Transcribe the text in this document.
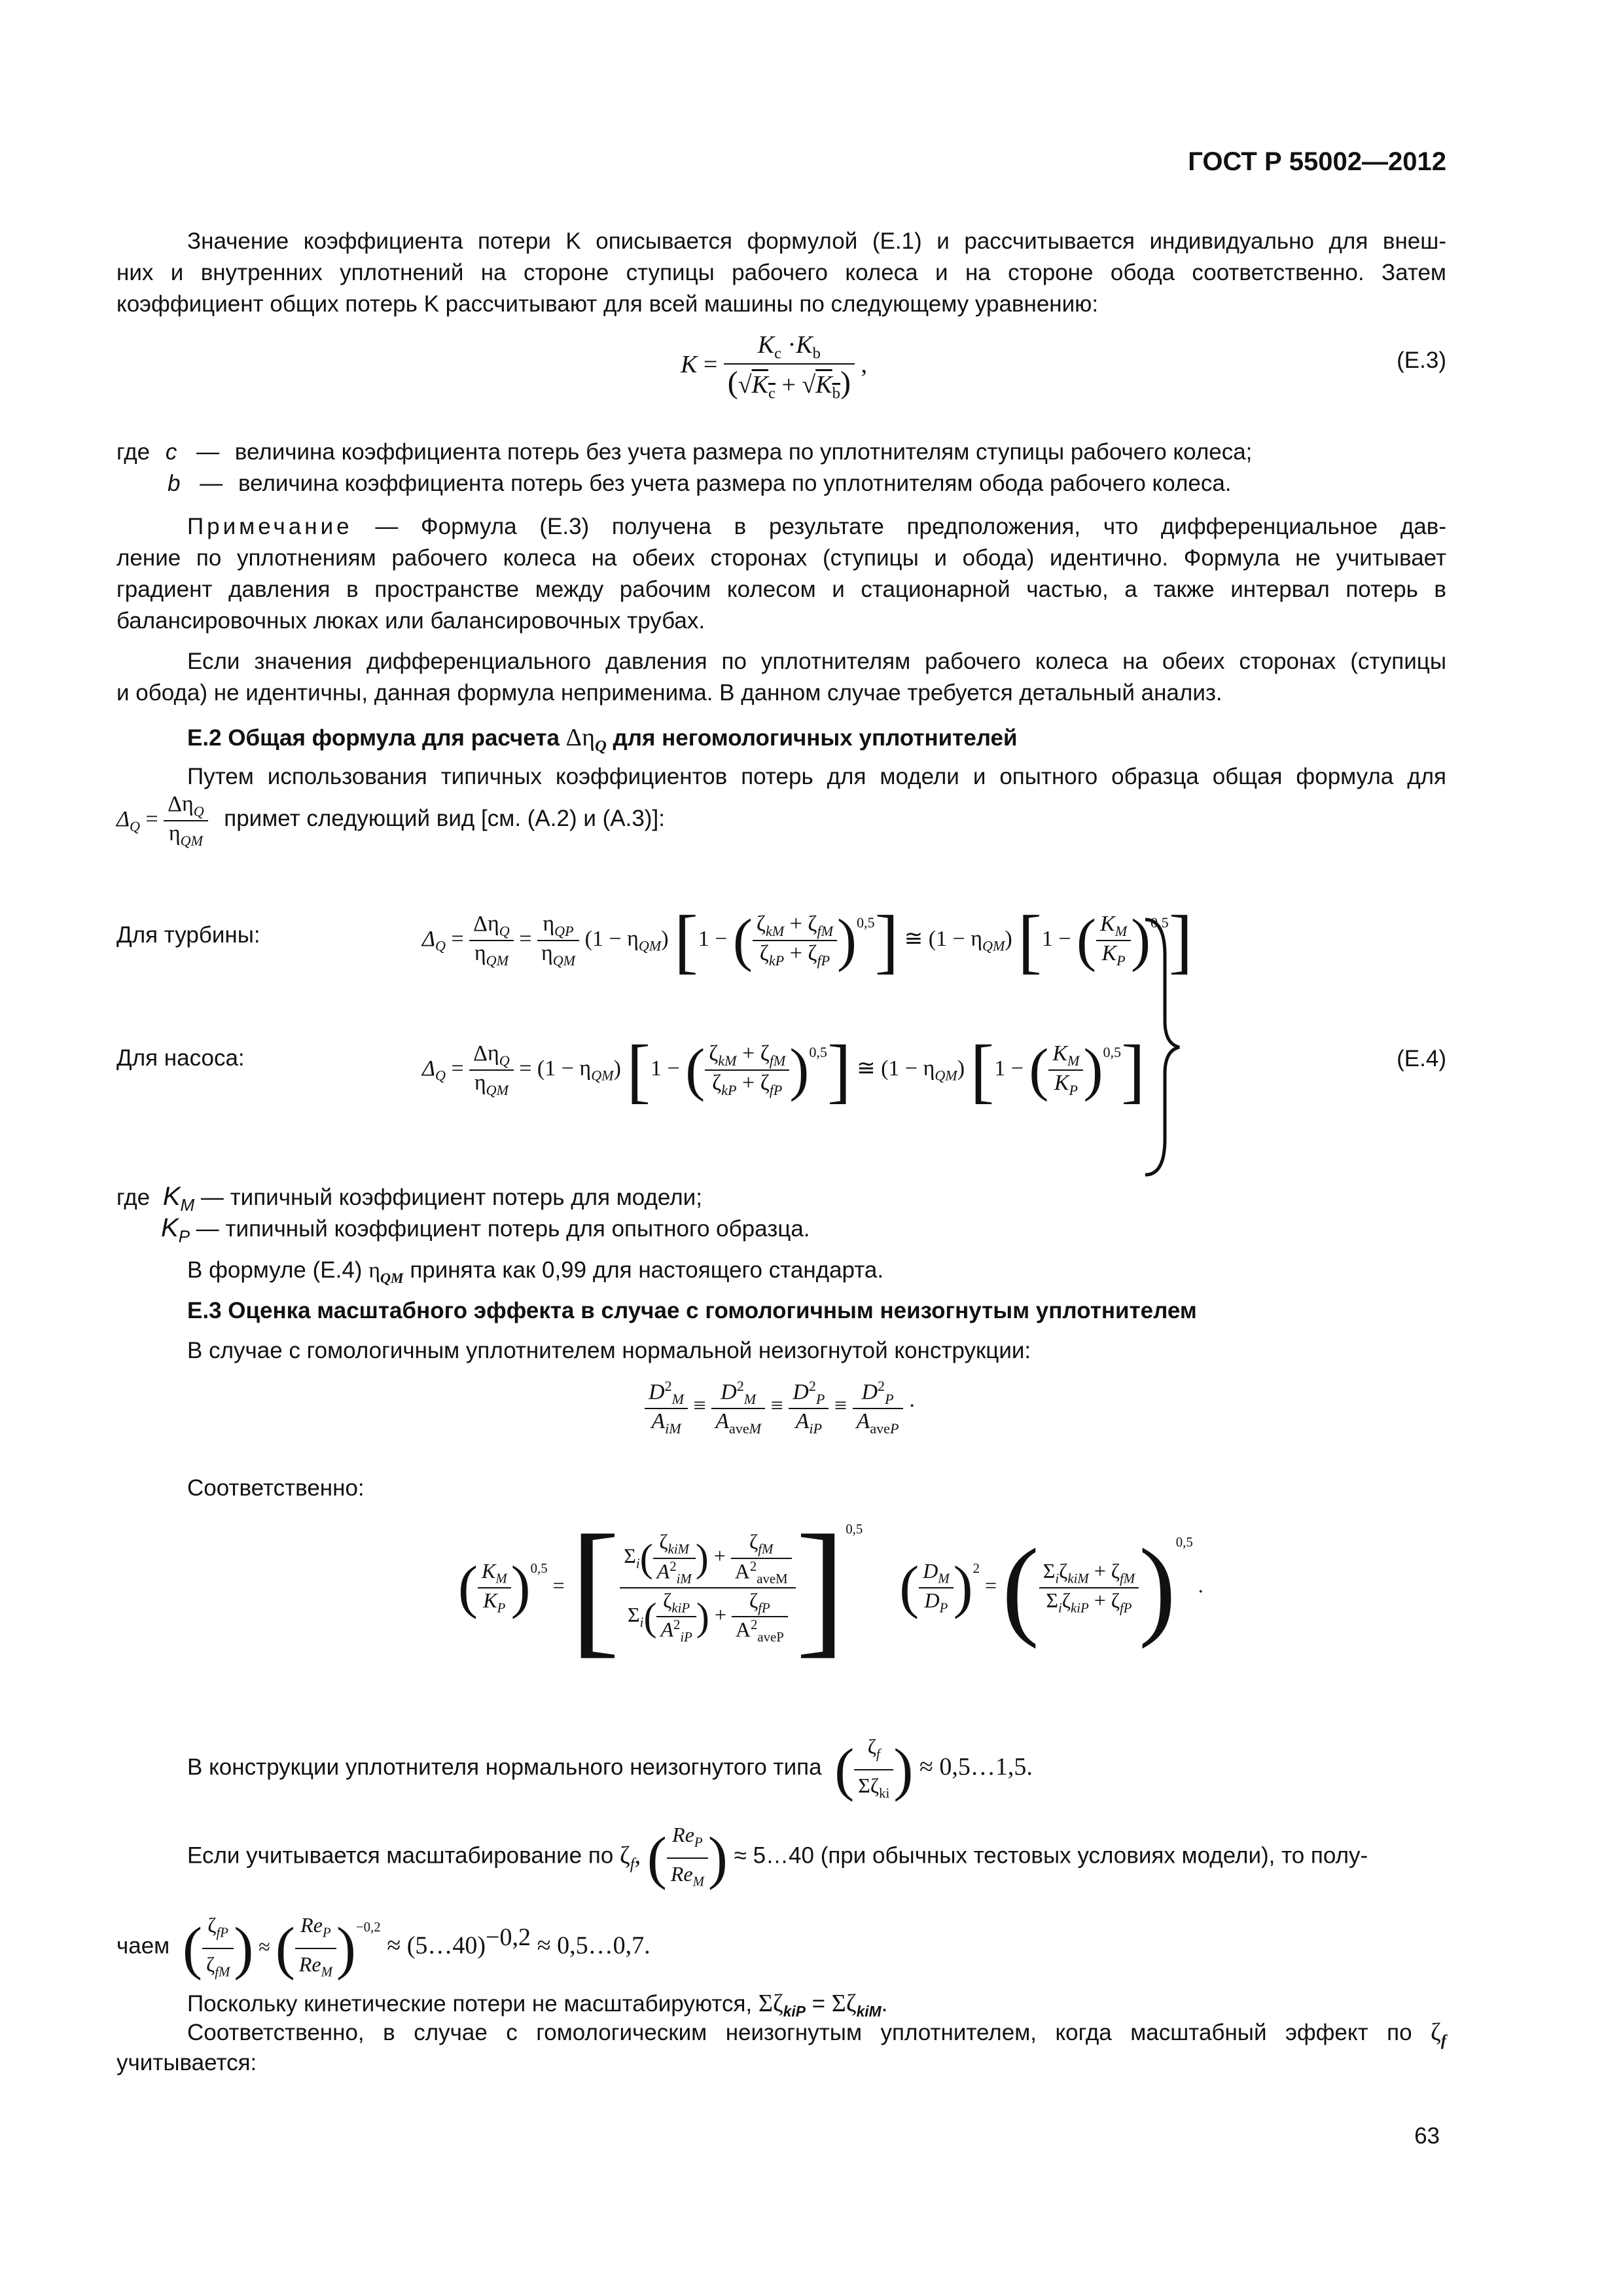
ГОСТ Р 55002—2012
Значение коэффициента потери K описывается формулой (Е.1) и рассчитывается индивидуально для внеш-
них и внутренних уплотнений на стороне ступицы рабочего колеса и на стороне обода соответственно. Затем
коэффициент общих потерь K рассчитывают для всей машины по следующему уравнению:
$K = \frac{K_c \cdot K_b}{(√K_c + √K_b)}$ ,	(Е.3)
где c — величина коэффициента потерь без учета размера по уплотнителям ступицы рабочего колеса;
b — величина коэффициента потерь без учета размера по уплотнителям обода рабочего колеса.
Примечание — Формула (Е.3) получена в результате предположения, что дифференциальное дав-
ление по уплотнениям рабочего колеса на обеих сторонах (ступицы и обода) идентично. Формула не учитывает
градиент давления в пространстве между рабочим колесом и стационарной частью, а также интервал потерь в
балансировочных люках или балансировочных трубах.
Если значения дифференциального давления по уплотнителям рабочего колеса на обеих сторонах (ступицы
и обода) не идентичны, данная формула неприменима. В данном случае требуется детальный анализ.
Е.2 Общая формула для расчета $\Delta\eta_Q$ для негомологичных уплотнителей
Путем использования типичных коэффициентов потерь для модели и опытного образца общая формула для
$\Delta_Q = \frac{\Delta\eta_Q}{\eta_{QM}}$ примет следующий вид [см. (А.2) и (А.3)]:
Для турбины:	$\Delta_Q = \frac{\Delta\eta_Q}{\eta_{QM}} = \frac{\eta_{QP}}{\eta_{QM}} (1 - \eta_{QM}) [1$ − ( $\frac{\zeta_{kM} + \zeta_{fM}}{\zeta_{kP} + \zeta_{fP}} )^{0,5}$] ≅ $(1 - \eta_{QM})$ [1 − ( $\frac{K_M}{K_P} )^{0,5}$]
Для насоса:	$\Delta_Q = \frac{\Delta\eta_Q}{\eta_{QM}} = (1 - \eta_{QM}) [1$ − ( $\frac{\zeta_{kM} + \zeta_{fM}}{\zeta_{kP} + \zeta_{fP}} )^{0,5}$] ≅ $(1 - \eta_{QM})$ [1 − ( $\frac{K_M}{K_P} )^{0,5}$]	(Е.4)
где $K_M$ — типичный коэффициент потерь для модели;
$K_P$ — типичный коэффициент потерь для опытного образца.
В формуле (Е.4) $\eta_{QM}$ принята как 0,99 для настоящего стандарта.
Е.3 Оценка масштабного эффекта в случае с гомологичным неизогнутым уплотнителем
В случае с гомологичным уплотнителем нормальной неизогнутой конструкции:
$\frac{D^2_M}{A_{iM}} \equiv \frac{D^2_M}{A_{aveM}} \equiv \frac{D^2_P}{A_{iP}} \equiv \frac{D^2_P}{A_{aveP}}$ ·
Соответственно:
( $\frac{K_M}{K_P} )^{0,5}$ = [ $\frac{\Sigma_i( \frac{\zeta_{kiM}}{A^2_{iM}} ) + \frac{\zeta_{fM}}{A^2_{aveM}}}{\Sigma_i( \frac{\zeta_{kiP}}{A^2_{iP}} ) + \frac{\zeta_{fP}}{A^2_{aveP}}} ]^{0,5}$  ( $\frac{D_M}{D_P} )^2$ = ( $\frac{\Sigma_i\zeta_{kiM} + \zeta_{fM}}{\Sigma_i\zeta_{kiP} + \zeta_{fP}} )^{0,5}$ .
В конструкции уплотнителя нормального неизогнутого типа ( $\frac{\zeta_f}{\Sigma\zeta_{ki}}$ ) ≈ 0,5…1,5.
Если учитывается масштабирование по $\zeta_f$, ( $\frac{Re_P}{Re_M}$ ) ≈ 5…40 (при обычных тестовых условиях модели), то полу-
чаем ( $\frac{\zeta_{fP}}{\zeta_{fM}}$ ) ≈ ( $\frac{Re_P}{Re_M} )^{-0,2}$ ≈ (5…40)$^{-0,2}$ ≈ 0,5…0,7.
Поскольку кинетические потери не масштабируются, $\Sigma\zeta_{kiP} = \Sigma\zeta_{kiM}$.
Соответственно, в случае с гомологическим неизогнутым уплотнителем, когда масштабный эффект по $\zeta_f$
учитывается:
63
